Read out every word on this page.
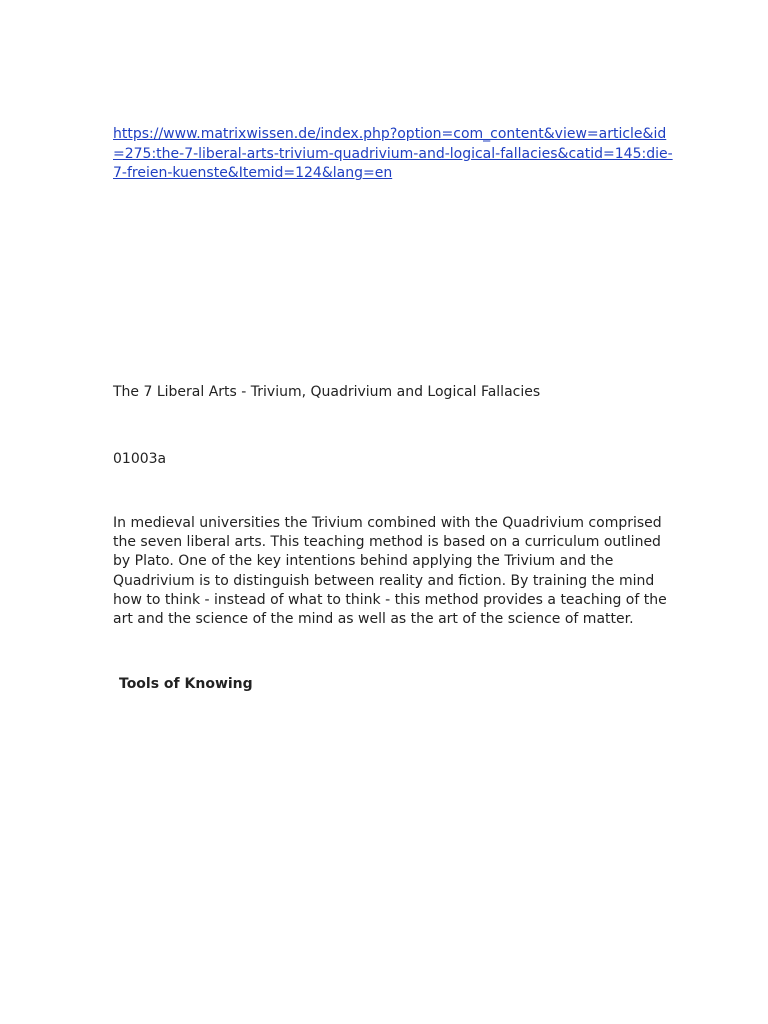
https://www.matrixwissen.de/index.php?option=com_content&view=article&id=275:the-7-liberal-arts-trivium-quadrivium-and-logical-fallacies&catid=145:die-7-freien-kuenste&Itemid=124&lang=en

The 7 Liberal Arts - Trivium, Quadrivium and Logical Fallacies

01003a

In medieval universities the Trivium combined with the Quadrivium comprised the seven liberal arts. This teaching method is based on a curriculum outlined by Plato. One of the key intentions behind applying the Trivium and the Quadrivium is to distinguish between reality and fiction. By training the mind how to think - instead of what to think - this method provides a teaching of the art and the science of the mind as well as the art of the science of matter.

Tools of Knowing
